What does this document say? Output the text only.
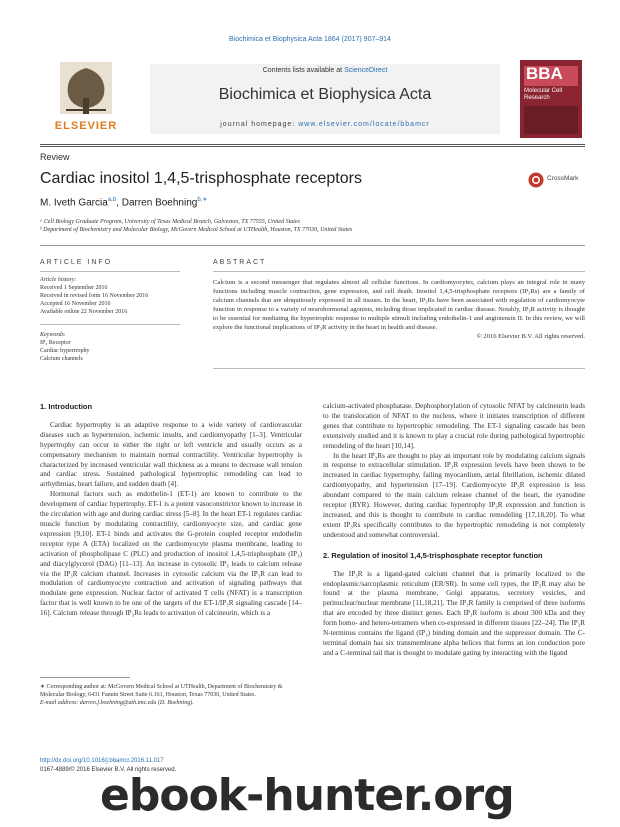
Biochimica et Biophysica Acta 1864 (2017) 907–914
ELSEVIER
Contents lists available at ScienceDirect
Biochimica et Biophysica Acta
journal homepage: www.elsevier.com/locate/bbamcr
BBA
Molecular Cell Research
Review
Cardiac inositol 1,4,5-trisphosphate receptors	CrossMark
M. Iveth Garcia$^{a,b}$, Darren Boehning$^{b,∗}$
ᵃ Cell Biology Graduate Program, University of Texas Medical Branch, Galveston, TX 77555, United States
ᵇ Department of Biochemistry and Molecular Biology, McGovern Medical School at UTHealth, Houston, TX 77030, United States
ARTICLE INFO
Article history:
Received 1 September 2016
Received in revised form 16 November 2016
Accepted 16 November 2016
Available online 22 November 2016
Keywords:
IP₃ Receptor
Cardiac hypertrophy
Calcium channels
ABSTRACT
Calcium is a second messenger that regulates almost all cellular functions. In cardiomyocytes, calcium plays an integral role in many functions including muscle contraction, gene expression, and cell death. Inositol 1,4,5-trisphosphate receptors (IP₃Rs) are a family of calcium channels that are ubiquitously expressed in all tissues. In the heart, IP₃Rs have been associated with regulation of cardiomyocyte function in response to a variety of neurohormonal agonists, including those implicated in cardiac disease. Notably, IP₃R activity is thought to be essential for mediating the hypertrophic response to multiple stimuli including endothelin-1 and angiotensin II. In this review, we will explore the functional implications of IP₃R activity in the heart in health and disease.
© 2016 Elsevier B.V. All rights reserved.
1. Introduction

Cardiac hypertrophy is an adaptive response to a wide variety of cardiovascular diseases such as hypertension, ischemic insults, and cardiomyopathy [1–3]. Ventricular hypertrophy can occur in either the right or left ventricle and usually occurs as a compensatory mechanism to maintain normal contractility. Ventricular hypertrophy is characterized by increased ventricular wall thickness as a means to decrease wall tension and cardiac stress. Sustained pathological hypertrophic remodeling can lead to arrhythmias, heart failure, and sudden death [4].

Hormonal factors such as endothelin-1 (ET-1) are known to contribute to the development of cardiac hypertrophy. ET-1 is a potent vasoconstrictor known to increase in the circulation with age and during cardiac stress [5–8]. In the heart ET-1 regulates cardiac muscle function by modulating contractility, cardiomyocyte size, and cardiac gene expression [9,10]. ET-1 binds and activates the G-protein coupled receptor endothelin receptor type A (ETA) localized on the cardiomyocyte plasma membrane, leading to activation of phospholipase C (PLC) and production of inositol 1,4,5-trisphosphate (IP₃) and diacylglycerol (DAG) [11–13]. An increase in cytosolic IP₃ leads to calcium release via the IP₃R calcium channel. Increases in cytosolic calcium via the IP₃R can lead to modulation of cardiomyocyte contraction and activation of signaling pathways that modulate gene expression. Nuclear factor of activated T cells (NFAT) is a transcription factor that is well known to be one of the targets of the ET-1/IP₃R signaling cascade [14–16]. Calcium release through IP₃Rs leads to activation of calcineurin, which is a

calcium-activated phosphatase. Dephosphorylation of cytosolic NFAT by calcineurin leads to the translocation of NFAT to the nucleus, where it initiates transcription of different genes that contribute to hypertrophic remodeling. The ET-1 signaling cascade has been extensively studied and it is known to play a crucial role during pathological hypertrophic remodeling of the heart [10,14].

In the heart IP₃Rs are thought to play an important role by modulating calcium signals in response to extracellular stimulation. IP₃R expression levels have been shown to be increased in cardiac hypertrophy, failing myocardium, atrial fibrillation, ischemic dilated cardiomyopathy, and hypertension [17–19]. Cardiomyocyte IP₃R expression is less abundant compared to the main calcium release channel of the heart, the ryanodine receptor (RYR). However, during cardiac hypertrophy IP₃R expression and function is increased, and this is thought to contribute to cardiac remodeling [17,18,20]. To what extent IP₃Rs specifically contributes to the hypertrophic remodeling is not completely understood and somewhat controversial.

2. Regulation of inositol 1,4,5-trisphosphate receptor function

The IP₃R is a ligand-gated calcium channel that is primarily localized to the endoplasmic/sarcoplasmic reticulum (ER/SR). In some cell types, the IP₃R may also be found at the plasma membrane, Golgi apparatus, secretory vesicles, and perinuclear/nuclear membrane [11,18,21]. The IP₃R family is comprised of three isoforms that are encoded by three distinct genes. Each IP₃R isoform is about 300 kDa and they form homo- and hetero-tetramers when co-expressed in different tissues [22–24]. The IP₃R N-terminus contains the ligand (IP₃) binding domain and the suppressor domain. The C-terminal domain has six transmembrane alpha helices that forms an ion conduction pore and a C-terminal tail that is thought to modulate gating by interacting with the ligand

∗ Corresponding author at: McGovern Medical School at UTHealth, Department of Biochemistry & Molecular Biology, 6431 Fannin Street Suite 6.161, Houston, Texas 77030, United States.
E-mail address: darren.f.boehning@uth.tmc.edu (D. Boehning).
http://dx.doi.org/10.1016/j.bbamcr.2016.11.017
0167-4889/© 2016 Elsevier B.V. All rights reserved.
ebook-hunter.org
